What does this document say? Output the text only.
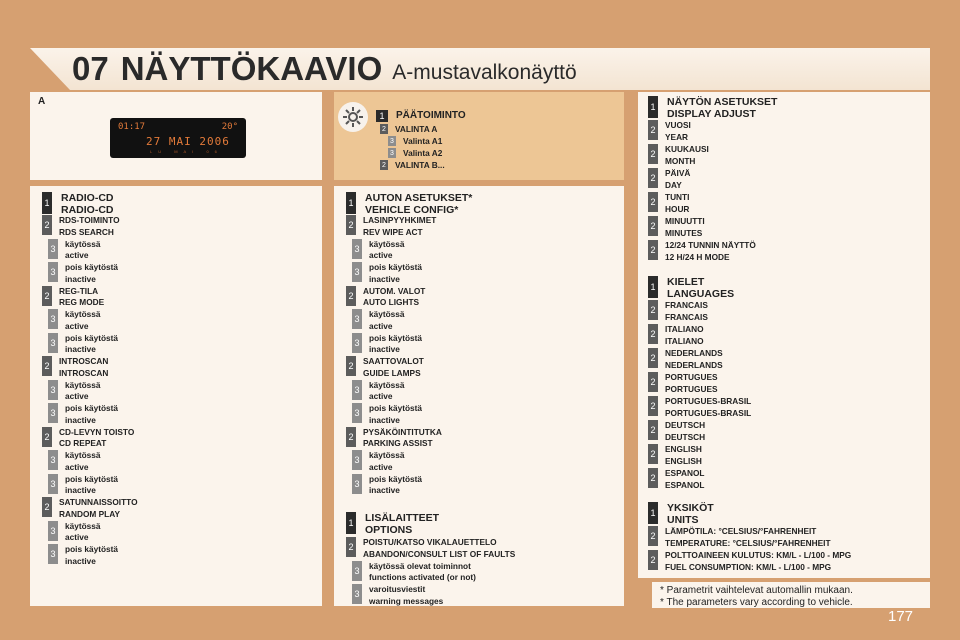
07 NÄYTTÖKAAVIO A-mustavalkonäyttö
A
01:17	20°
27 MAI 2006
LU MAI 06
1	PÄÄTOIMINTO
2 VALINTA A
3 Valinta A1
3 Valinta A2
2 VALINTA B...
1 RADIO-CD
RADIO-CD
2	RDS-TOIMINTO
RDS SEARCH
3	käytössä
active
3	pois käytöstä
inactive
2	REG-TILA
REG MODE
3	käytössä
active
3	pois käytöstä
inactive
2	INTROSCAN
INTROSCAN
3	käytössä
active
3	pois käytöstä
inactive
2	CD-LEVYN TOISTO
CD REPEAT
3	käytössä
active
3	pois käytöstä
inactive
2	SATUNNAISSOITTO
RANDOM PLAY
3	käytössä
active
3	pois käytöstä
inactive
1 AUTON ASETUKSET*
VEHICLE CONFIG*
2	LASINPYYHKIMET
REV WIPE ACT
3	käytössä
active
3	pois käytöstä
inactive
2	AUTOM. VALOT
AUTO LIGHTS
3	käytössä
active
3	pois käytöstä
inactive
2	SAATTOVALOT
GUIDE LAMPS
3	käytössä
active
3	pois käytöstä
inactive
2	PYSÄKÖINTITUTKA
PARKING ASSIST
3	käytössä
active
3	pois käytöstä
inactive
1 LISÄLAITTEET
OPTIONS
2	POISTU/KATSO VIKALAUETTELO
ABANDON/CONSULT LIST OF FAULTS
3	käytössä olevat toiminnot
functions activated (or not)
3	varoitusviestit
warning messages
1 NÄYTÖN ASETUKSET
DISPLAY ADJUST
2	VUOSI
YEAR
2	KUUKAUSI
MONTH
2	PÄIVÄ
DAY
2	TUNTI
HOUR
2	MINUUTTI
MINUTES
2	12/24 TUNNIN NÄYTTÖ
12 H/24 H MODE
1 KIELET
LANGUAGES
2	FRANCAIS
FRANCAIS
2	ITALIANO
ITALIANO
2	NEDERLANDS
NEDERLANDS
2	PORTUGUES
PORTUGUES
2	PORTUGUES-BRASIL
PORTUGUES-BRASIL
2	DEUTSCH
DEUTSCH
2	ENGLISH
ENGLISH
2	ESPANOL
ESPANOL
1 YKSIKÖT
UNITS
2	LÄMPÖTILA: °CELSIUS/°FAHRENHEIT
TEMPERATURE: °CELSIUS/°FAHRENHEIT
2	POLTTOAINEEN KULUTUS: KM/L - L/100 - MPG
FUEL CONSUMPTION: KM/L - L/100 - MPG
* Parametrit vaihtelevat automallin mukaan.
* The parameters vary according to vehicle.
177
